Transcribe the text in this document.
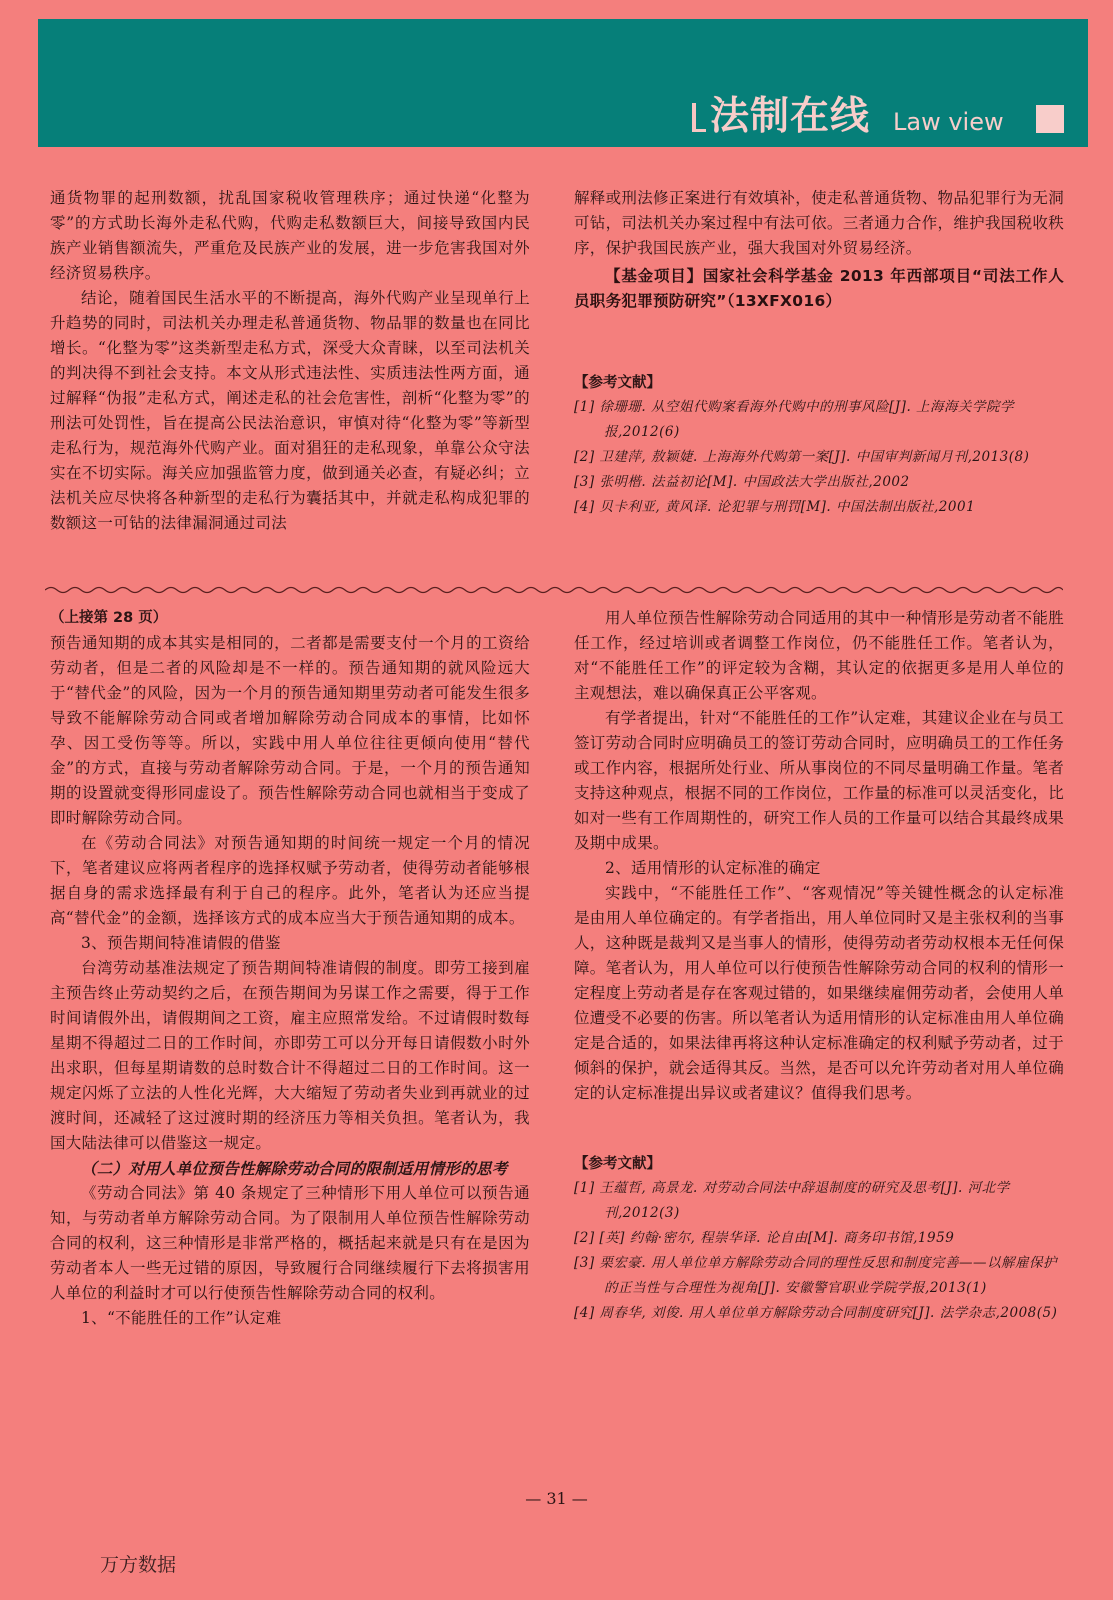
法制在线 Law view

通货物罪的起刑数额，扰乱国家税收管理秩序；通过快递“化整为零”的方式助长海外走私代购，代购走私数额巨大，间接导致国内民族产业销售额流失，严重危及民族产业的发展，进一步危害我国对外经济贸易秩序。

结论，随着国民生活水平的不断提高，海外代购产业呈现单行上升趋势的同时，司法机关办理走私普通货物、物品罪的数量也在同比增长。“化整为零”这类新型走私方式，深受大众青睐，以至司法机关的判决得不到社会支持。本文从形式违法性、实质违法性两方面，通过解释“伪报”走私方式，阐述走私的社会危害性，剖析“化整为零”的刑法可处罚性，旨在提高公民法治意识，审慎对待“化整为零”等新型走私行为，规范海外代购产业。面对猖狂的走私现象，单靠公众守法实在不切实际。海关应加强监管力度，做到通关必查，有疑必纠；立法机关应尽快将各种新型的走私行为囊括其中，并就走私构成犯罪的数额这一可钻的法律漏洞通过司法

解释或刑法修正案进行有效填补，使走私普通货物、物品犯罪行为无洞可钻，司法机关办案过程中有法可依。三者通力合作，维护我国税收秩序，保护我国民族产业，强大我国对外贸易经济。

【基金项目】国家社会科学基金 2013 年西部项目“司法工作人员职务犯罪预防研究”（13XFX016）

【参考文献】

[1] 徐珊珊. 从空姐代购案看海外代购中的刑事风险[J]. 上海海关学院学报,2012(6)

[2] 卫建萍, 敖颖婕. 上海海外代购第一案[J]. 中国审判新闻月刊,2013(8)

[3] 张明楷. 法益初论[M]. 中国政法大学出版社,2002

[4] 贝卡利亚, 黄风译. 论犯罪与刑罚[M]. 中国法制出版社,2001

（上接第 28 页）

预告通知期的成本其实是相同的，二者都是需要支付一个月的工资给劳动者，但是二者的风险却是不一样的。预告通知期的就风险远大于“替代金”的风险，因为一个月的预告通知期里劳动者可能发生很多导致不能解除劳动合同或者增加解除劳动合同成本的事情，比如怀孕、因工受伤等等。所以，实践中用人单位往往更倾向使用“替代金”的方式，直接与劳动者解除劳动合同。于是，一个月的预告通知期的设置就变得形同虚设了。预告性解除劳动合同也就相当于变成了即时解除劳动合同。

在《劳动合同法》对预告通知期的时间统一规定一个月的情况下，笔者建议应将两者程序的选择权赋予劳动者，使得劳动者能够根据自身的需求选择最有利于自己的程序。此外，笔者认为还应当提高“替代金”的金额，选择该方式的成本应当大于预告通知期的成本。

3、预告期间特准请假的借鉴

台湾劳动基准法规定了预告期间特准请假的制度。即劳工接到雇主预告终止劳动契约之后，在预告期间为另谋工作之需要，得于工作时间请假外出，请假期间之工资，雇主应照常发给。不过请假时数每星期不得超过二日的工作时间，亦即劳工可以分开每日请假数小时外出求职，但每星期请数的总时数合计不得超过二日的工作时间。这一规定闪烁了立法的人性化光辉，大大缩短了劳动者失业到再就业的过渡时间，还减轻了这过渡时期的经济压力等相关负担。笔者认为，我国大陆法律可以借鉴这一规定。

（二）对用人单位预告性解除劳动合同的限制适用情形的思考

《劳动合同法》第 40 条规定了三种情形下用人单位可以预告通知，与劳动者单方解除劳动合同。为了限制用人单位预告性解除劳动合同的权利，这三种情形是非常严格的，概括起来就是只有在是因为劳动者本人一些无过错的原因，导致履行合同继续履行下去将损害用人单位的利益时才可以行使预告性解除劳动合同的权利。

1、“不能胜任的工作”认定难

用人单位预告性解除劳动合同适用的其中一种情形是劳动者不能胜任工作，经过培训或者调整工作岗位，仍不能胜任工作。笔者认为，对“不能胜任工作”的评定较为含糊，其认定的依据更多是用人单位的主观想法，难以确保真正公平客观。

有学者提出，针对“不能胜任的工作”认定难，其建议企业在与员工签订劳动合同时应明确员工的签订劳动合同时，应明确员工的工作任务或工作内容，根据所处行业、所从事岗位的不同尽量明确工作量。笔者支持这种观点，根据不同的工作岗位，工作量的标准可以灵活变化，比如对一些有工作周期性的，研究工作人员的工作量可以结合其最终成果及期中成果。

2、适用情形的认定标准的确定

实践中，“不能胜任工作”、“客观情况”等关键性概念的认定标准是由用人单位确定的。有学者指出，用人单位同时又是主张权利的当事人，这种既是裁判又是当事人的情形，使得劳动者劳动权根本无任何保障。笔者认为，用人单位可以行使预告性解除劳动合同的权利的情形一定程度上劳动者是存在客观过错的，如果继续雇佣劳动者，会使用人单位遭受不必要的伤害。所以笔者认为适用情形的认定标准由用人单位确定是合适的，如果法律再将这种认定标准确定的权利赋予劳动者，过于倾斜的保护，就会适得其反。当然，是否可以允许劳动者对用人单位确定的认定标准提出异议或者建议？值得我们思考。

【参考文献】

[1] 王蕴哲, 高景龙. 对劳动合同法中辞退制度的研究及思考[J]. 河北学刊,2012(3)

[2] [英] 约翰·密尔, 程崇华译. 论自由[M]. 商务印书馆,1959

[3] 栗宏豪. 用人单位单方解除劳动合同的理性反思和制度完善——以解雇保护的正当性与合理性为视角[J]. 安徽警官职业学院学报,2013(1)

[4] 周春华, 刘俊. 用人单位单方解除劳动合同制度研究[J]. 法学杂志,2008(5)

— 31 —
万方数据
